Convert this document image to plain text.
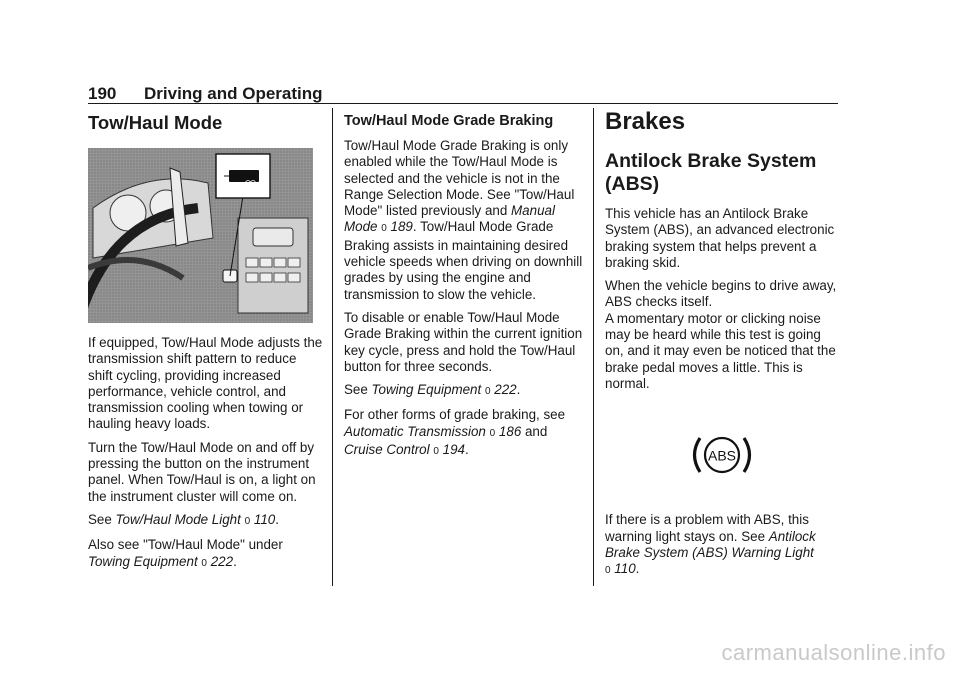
190 Driving and Operating
Tow/Haul Mode

If equipped, Tow/Haul Mode adjusts the transmission shift pattern to reduce shift cycling, providing increased performance, vehicle control, and transmission cooling when towing or hauling heavy loads.

Turn the Tow/Haul Mode on and off by pressing the button on the instrument panel. When Tow/Haul is on, a light on the instrument cluster will come on.

See Tow/Haul Mode Light 0 110.

Also see "Tow/Haul Mode" under Towing Equipment 0 222.

Tow/Haul Mode Grade Braking

Tow/Haul Mode Grade Braking is only enabled while the Tow/Haul Mode is selected and the vehicle is not in the Range Selection Mode. See "Tow/Haul Mode" listed previously and Manual Mode 0 189. Tow/Haul Mode Grade Braking assists in maintaining desired vehicle speeds when driving on downhill grades by using the engine and transmission to slow the vehicle.

To disable or enable Tow/Haul Mode Grade Braking within the current ignition key cycle, press and hold the Tow/Haul button for three seconds.

See Towing Equipment 0 222.

For other forms of grade braking, see Automatic Transmission 0 186 and Cruise Control 0 194.

Brakes
Antilock Brake System (ABS)

This vehicle has an Antilock Brake System (ABS), an advanced electronic braking system that helps prevent a braking skid.

When the vehicle begins to drive away, ABS checks itself.

A momentary motor or clicking noise may be heard while this test is going on, and it may even be noticed that the brake pedal moves a little. This is normal.

ABS

If there is a problem with ABS, this warning light stays on. See Antilock Brake System (ABS) Warning Light
0 110.

carmanualsonline.info
